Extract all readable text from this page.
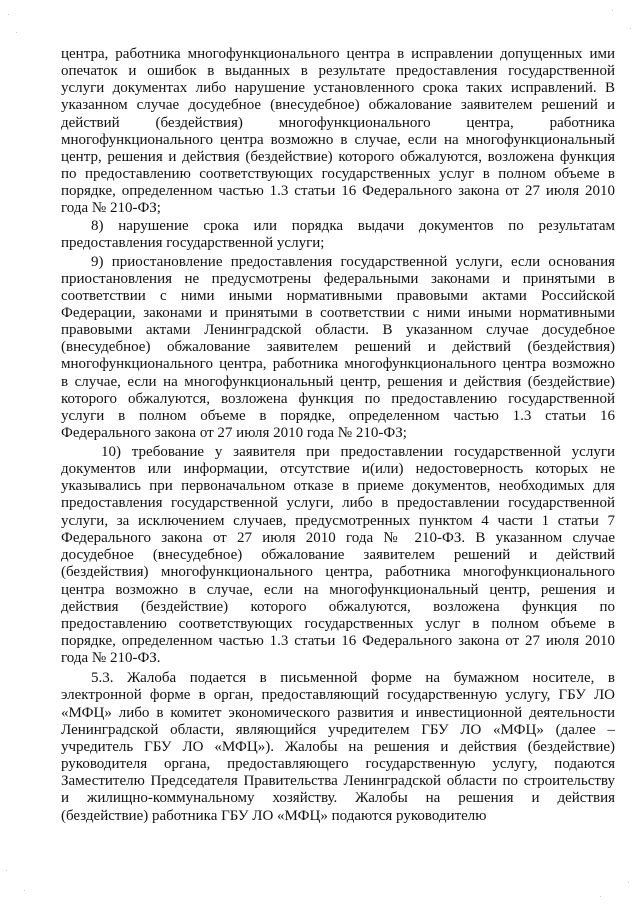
центра, работника многофункционального центра в исправлении допущенных ими
опечаток и ошибок в выданных в результате предоставления государственной
услуги документах либо нарушение установленного срока таких исправлений. В
указанном случае досудебное (внесудебное) обжалование заявителем решений и
действий (бездействия) многофункционального центра, работника
многофункционального центра возможно в случае, если на многофункциональный
центр, решения и действия (бездействие) которого обжалуются, возложена функция
по предоставлению соответствующих государственных услуг в полном объеме в
порядке, определенном частью 1.3 статьи 16 Федерального закона от 27 июля 2010
года № 210-ФЗ;
8) нарушение срока или порядка выдачи документов по результатам
предоставления государственной услуги;
9) приостановление предоставления государственной услуги, если основания
приостановления не предусмотрены федеральными законами и принятыми в
соответствии с ними иными нормативными правовыми актами Российской
Федерации, законами и принятыми в соответствии с ними иными нормативными
правовыми актами Ленинградской области. В указанном случае досудебное
(внесудебное) обжалование заявителем решений и действий (бездействия)
многофункционального центра, работника многофункционального центра возможно
в случае, если на многофункциональный центр, решения и действия (бездействие)
которого обжалуются, возложена функция по предоставлению государственной
услуги в полном объеме в порядке, определенном частью 1.3 статьи 16
Федерального закона от 27 июля 2010 года № 210-ФЗ;
10) требование у заявителя при предоставлении государственной услуги
документов или информации, отсутствие и(или) недостоверность которых не
указывались при первоначальном отказе в приеме документов, необходимых для
предоставления государственной услуги, либо в предоставлении государственной
услуги, за исключением случаев, предусмотренных пунктом 4 части 1 статьи 7
Федерального закона от 27 июля 2010 года № 210-ФЗ. В указанном случае
досудебное (внесудебное) обжалование заявителем решений и действий
(бездействия) многофункционального центра, работника многофункционального
центра возможно в случае, если на многофункциональный центр, решения и
действия (бездействие) которого обжалуются, возложена функция по
предоставлению соответствующих государственных услуг в полном объеме в
порядке, определенном частью 1.3 статьи 16 Федерального закона от 27 июля 2010
года № 210-ФЗ.
5.3. Жалоба подается в письменной форме на бумажном носителе, в
электронной форме в орган, предоставляющий государственную услугу, ГБУ ЛО
«МФЦ» либо в комитет экономического развития и инвестиционной деятельности
Ленинградской области, являющийся учредителем ГБУ ЛО «МФЦ» (далее –
учредитель ГБУ ЛО «МФЦ»). Жалобы на решения и действия (бездействие)
руководителя органа, предоставляющего государственную услугу, подаются
Заместителю Председателя Правительства Ленинградской области по строительству
и жилищно-коммунальному хозяйству. Жалобы на решения и действия
(бездействие) работника ГБУ ЛО «МФЦ» подаются руководителю
